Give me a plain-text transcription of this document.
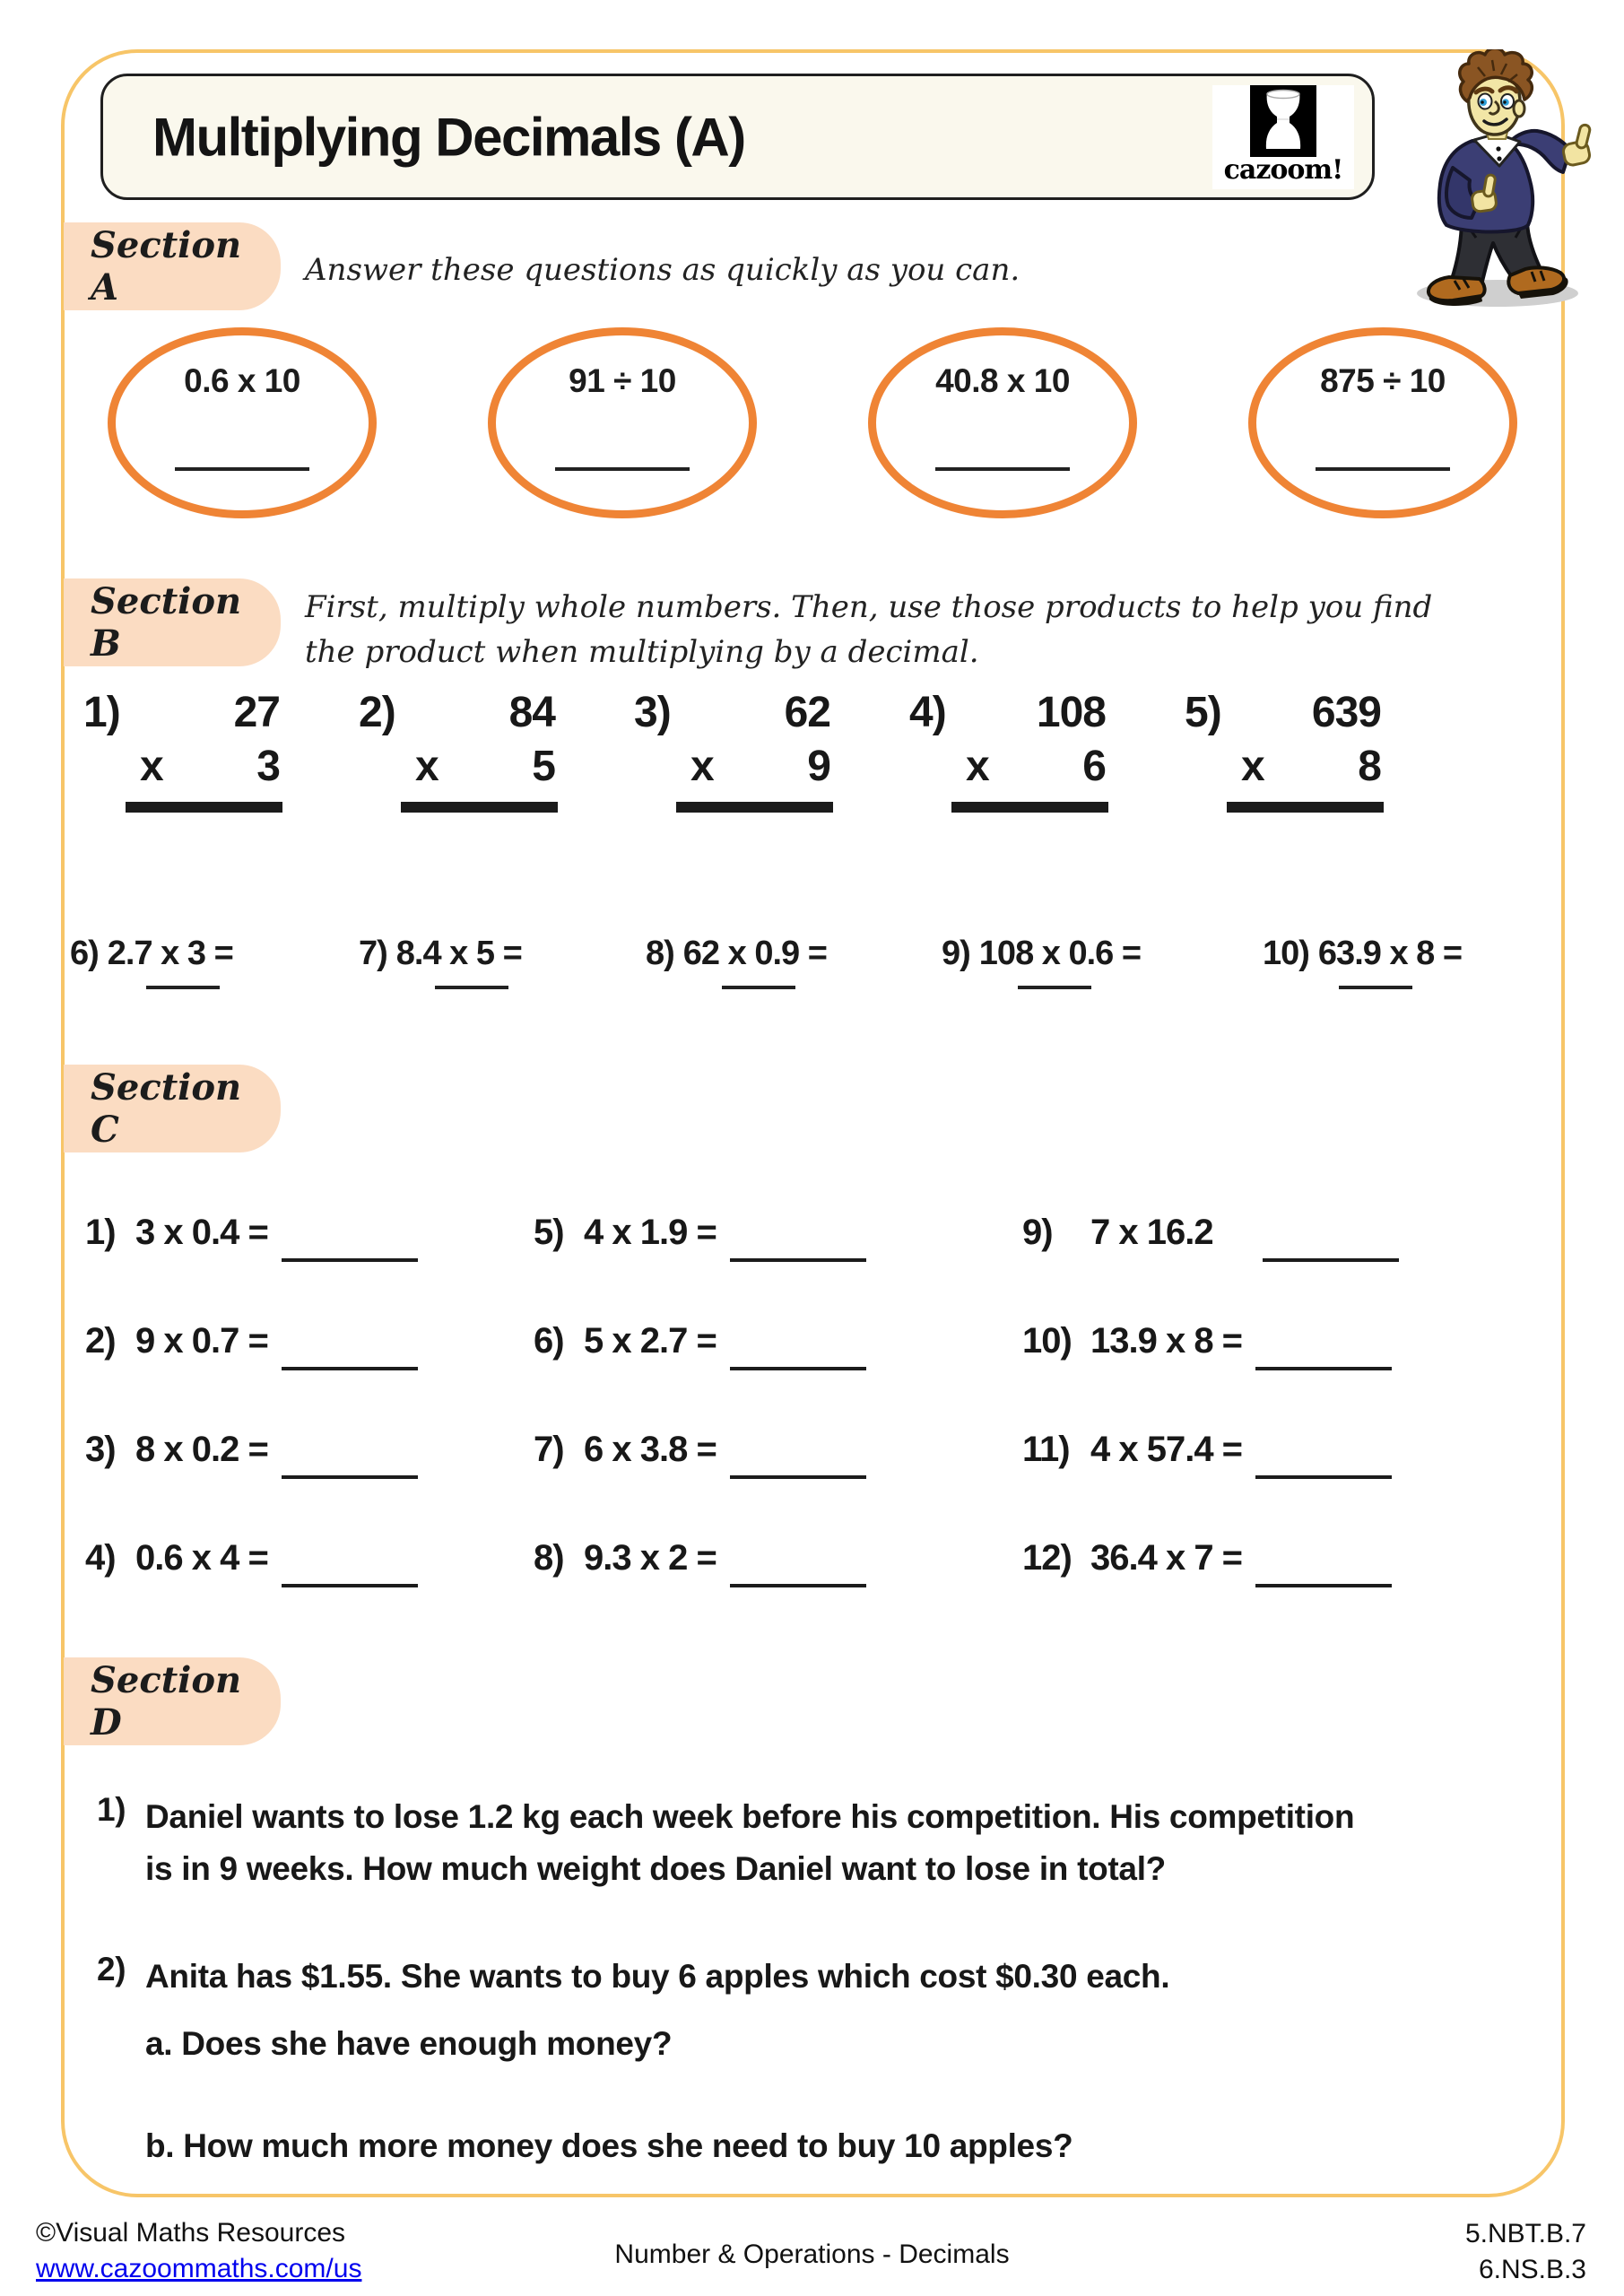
Multiplying Decimals (A)
cazoom!
Section A	Answer these questions as quickly as you can.
0.6 x 10	91 ÷ 10	40.8 x 10	875 ÷ 10
Section B
First, multiply whole numbers. Then, use those products to help you find
the product when multiplying by a decimal.
1)	27
x	3
2)	84
x	5
3)	62
x	9
4)	108
x	6
5)	639
x	8
6) 2.7 x 3 =	7) 8.4 x 5 =	8) 62 x 0.9 =	9) 108 x 0.6 =	10) 63.9 x 8 =
Section C
1) 3 x 0.4 =	5) 4 x 1.9 =	9) 7 x 16.2
2) 9 x 0.7 =	6) 5 x 2.7 =	10) 13.9 x 8 =
3) 8 x 0.2 =	7) 6 x 3.8 =	11) 4 x 57.4 =
4) 0.6 x 4 =	8) 9.3 x 2 =	12) 36.4 x 7 =
Section D
1) Daniel wants to lose 1.2 kg each week before his competition. His competition
is in 9 weeks. How much weight does Daniel want to lose in total?
2) Anita has $1.55. She wants to buy 6 apples which cost $0.30 each.
a. Does she have enough money?
b. How much more money does she need to buy 10 apples?
©Visual Maths Resources
www.cazoommaths.com/us	Number & Operations - Decimals
5.NBT.B.7
6.NS.B.3
